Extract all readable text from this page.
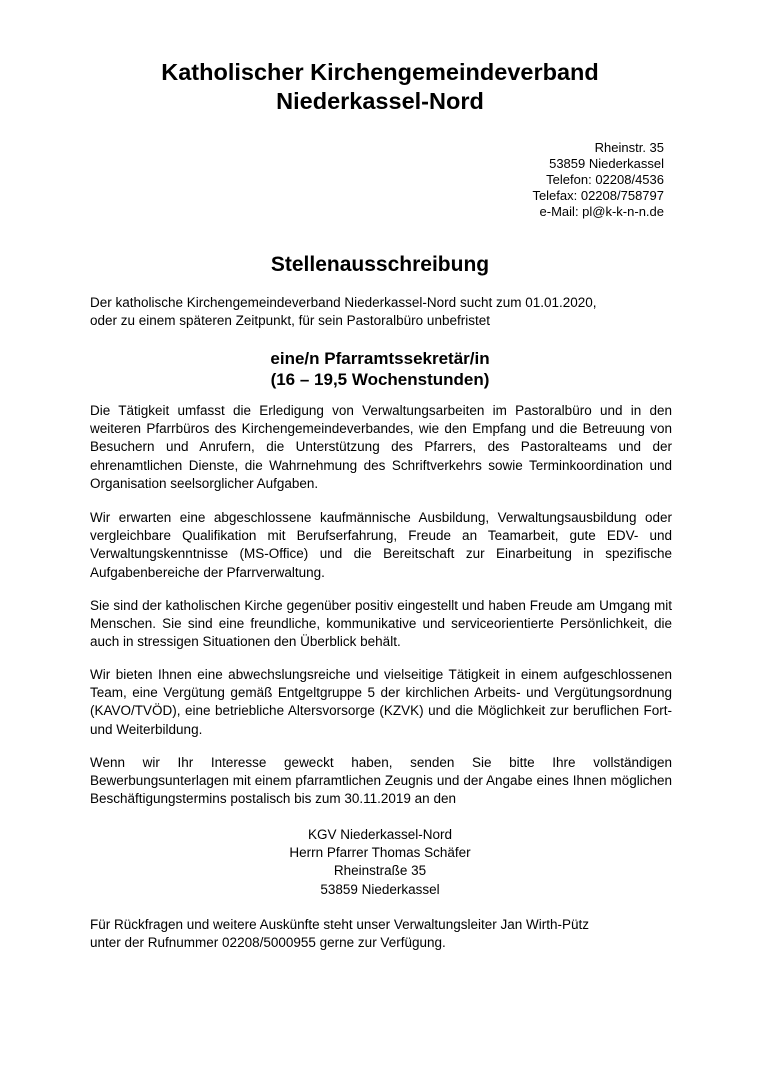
Katholischer Kirchengemeindeverband
Niederkassel-Nord
Rheinstr. 35
53859 Niederkassel
Telefon: 02208/4536
Telefax: 02208/758797
e-Mail: pl@k-k-n-n.de
Stellenausschreibung
Der katholische Kirchengemeindeverband Niederkassel-Nord sucht zum 01.01.2020,
oder zu einem späteren Zeitpunkt, für sein Pastoralbüro unbefristet
eine/n Pfarramtssekretär/in
(16 – 19,5 Wochenstunden)
Die Tätigkeit umfasst die Erledigung von Verwaltungsarbeiten im Pastoralbüro und in den weiteren Pfarrbüros des Kirchengemeindeverbandes, wie den Empfang und die Betreuung von Besuchern und Anrufern, die Unterstützung des Pfarrers, des Pastoralteams und der ehrenamtlichen Dienste, die Wahrnehmung des Schriftverkehrs sowie Terminkoordination und Organisation seelsorglicher Aufgaben.
Wir erwarten eine abgeschlossene kaufmännische Ausbildung, Verwaltungsausbildung oder vergleichbare Qualifikation mit Berufserfahrung, Freude an Teamarbeit, gute EDV- und Verwaltungskenntnisse (MS-Office) und die Bereitschaft zur Einarbeitung in spezifische Aufgabenbereiche der Pfarrverwaltung.
Sie sind der katholischen Kirche gegenüber positiv eingestellt und haben Freude am Umgang mit Menschen. Sie sind eine freundliche, kommunikative und serviceorientierte Persönlichkeit, die auch in stressigen Situationen den Überblick behält.
Wir bieten Ihnen eine abwechslungsreiche und vielseitige Tätigkeit in einem aufgeschlossenen Team, eine Vergütung gemäß Entgeltgruppe 5 der kirchlichen Arbeits- und Vergütungsordnung (KAVO/TVÖD), eine betriebliche Altersvorsorge (KZVK) und die Möglichkeit zur beruflichen Fort- und Weiterbildung.
Wenn wir Ihr Interesse geweckt haben, senden Sie bitte Ihre vollständigen Bewerbungsunterlagen mit einem pfarramtlichen Zeugnis und der Angabe eines Ihnen möglichen Beschäftigungstermins postalisch bis zum 30.11.2019 an den
KGV Niederkassel-Nord
Herrn Pfarrer Thomas Schäfer
Rheinstraße 35
53859 Niederkassel
Für Rückfragen und weitere Auskünfte steht unser Verwaltungsleiter Jan Wirth-Pütz
unter der Rufnummer 02208/5000955 gerne zur Verfügung.
